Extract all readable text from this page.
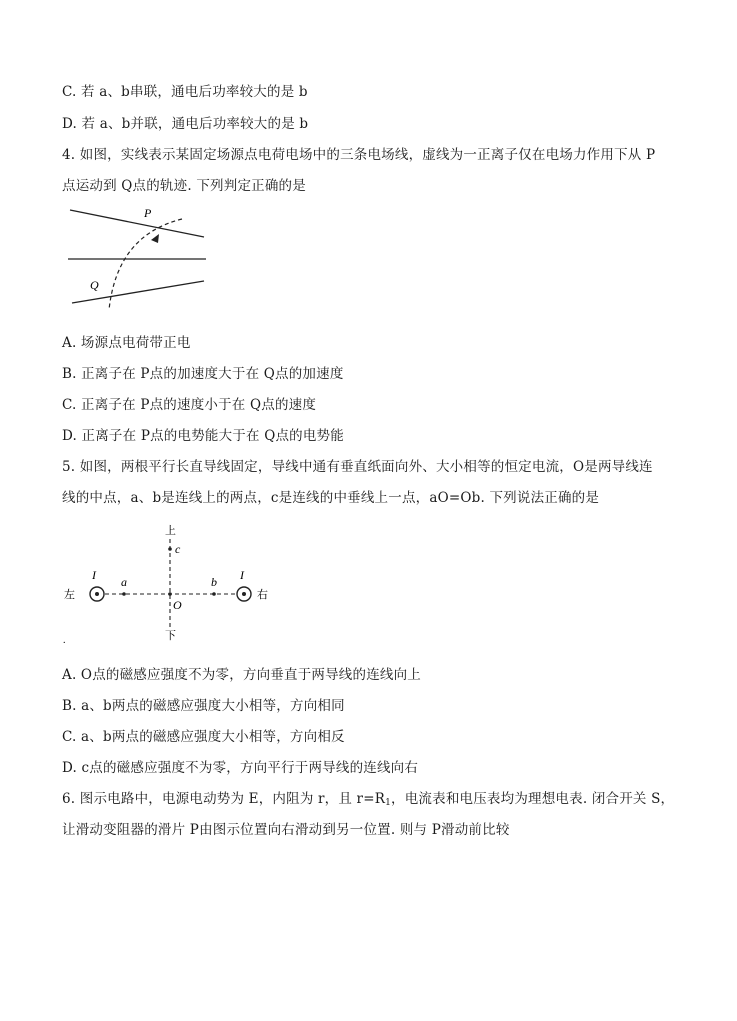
C. 若 a、b串联，通电后功率较大的是 b
D. 若 a、b并联，通电后功率较大的是 b
4. 如图，实线表示某固定场源点电荷电场中的三条电场线，虚线为一正离子仅在电场力作用下从 P
点运动到 Q点的轨迹. 下列判定正确的是
P
Q
A. 场源点电荷带正电
B. 正离子在 P点的加速度大于在 Q点的加速度
C. 正离子在 P点的速度小于在 Q点的速度
D. 正离子在 P点的电势能大于在 Q点的电势能
5. 如图，两根平行长直导线固定，导线中通有垂直纸面向外、大小相等的恒定电流，O是两导线连
线的中点，a、b是连线上的两点，c是连线的中垂线上一点，aO=Ob. 下列说法正确的是
上
下
左	右
c
a	b
O
I	I
.
A. O点的磁感应强度不为零，方向垂直于两导线的连线向上
B. a、b两点的磁感应强度大小相等，方向相同
C. a、b两点的磁感应强度大小相等，方向相反
D. c点的磁感应强度不为零，方向平行于两导线的连线向右
6. 图示电路中，电源电动势为 E，内阻为 r，且 $r=R_1$，电流表和电压表均为理想电表. 闭合开关 S，
让滑动变阻器的滑片 P由图示位置向右滑动到另一位置. 则与 P滑动前比较
